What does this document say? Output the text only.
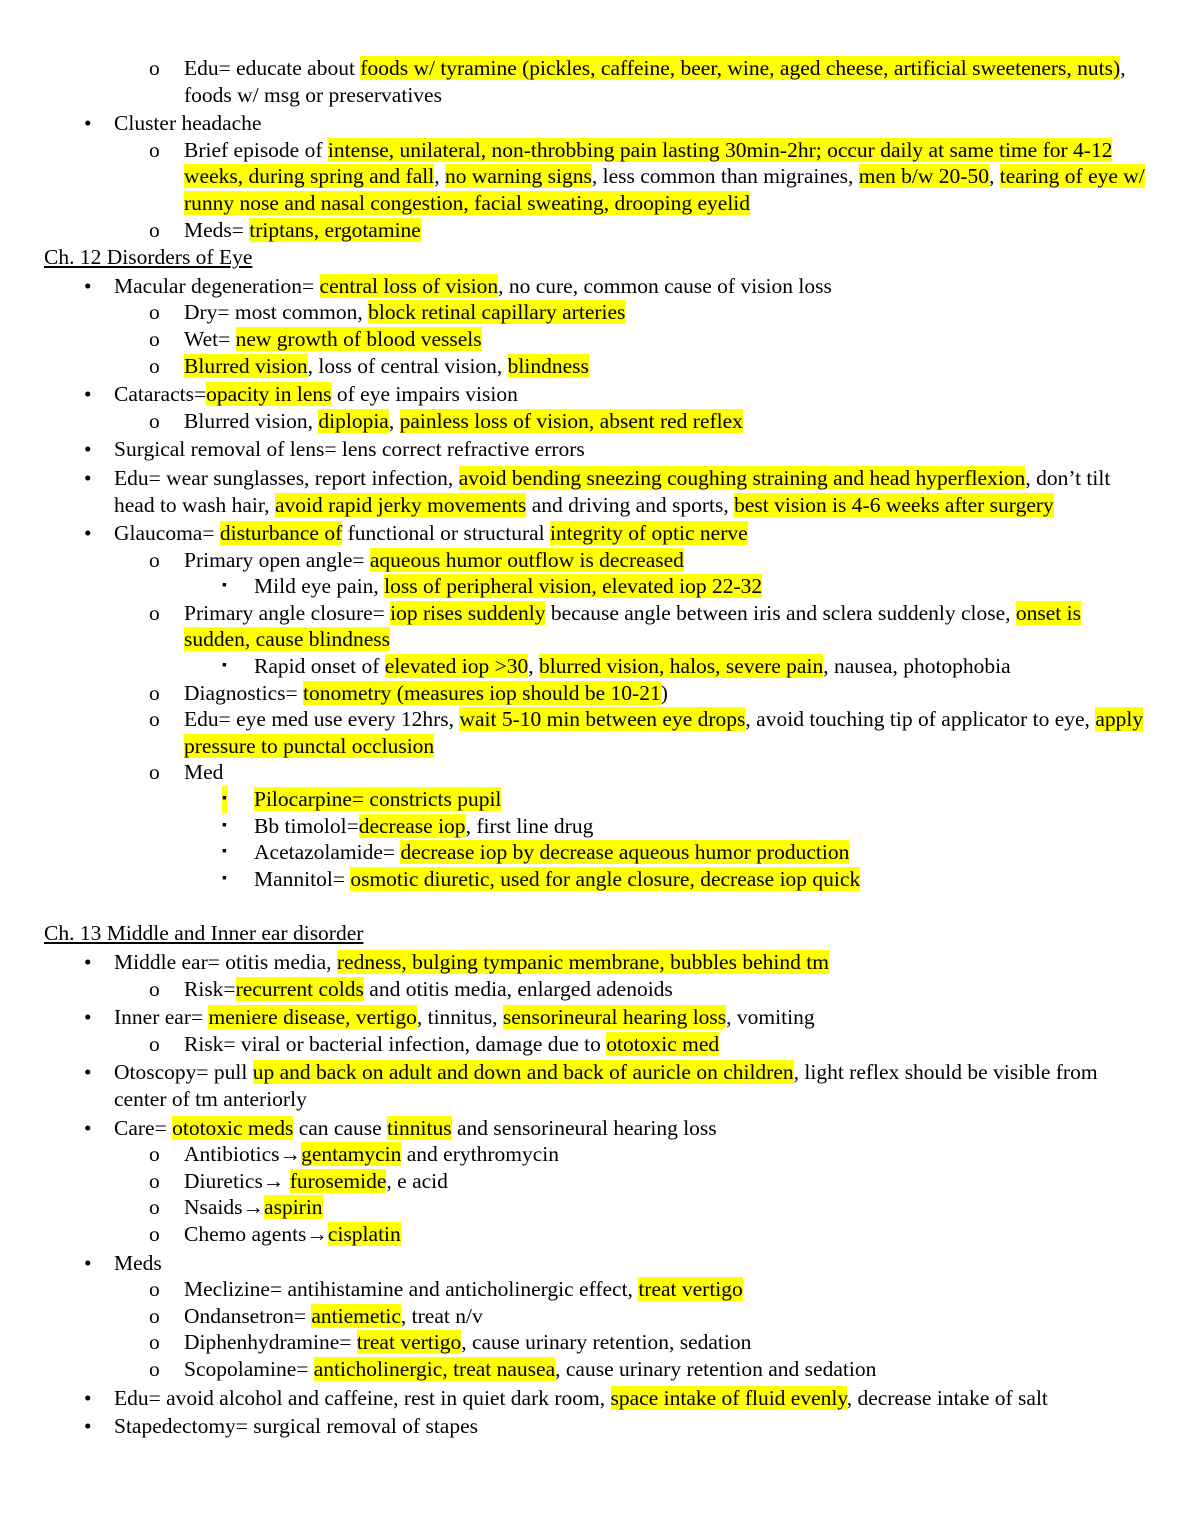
o Edu= educate about foods w/ tyramine (pickles, caffeine, beer, wine, aged cheese, artificial sweeteners, nuts), foods w/ msg or preservatives
• Cluster headache
o Brief episode of intense, unilateral, non-throbbing pain lasting 30min-2hr; occur daily at same time for 4-12 weeks, during spring and fall, no warning signs, less common than migraines, men b/w 20-50, tearing of eye w/ runny nose and nasal congestion, facial sweating, drooping eyelid
o Meds= triptans, ergotamine
Ch. 12 Disorders of Eye
• Macular degeneration= central loss of vision, no cure, common cause of vision loss
o Dry= most common, block retinal capillary arteries
o Wet= new growth of blood vessels
o Blurred vision, loss of central vision, blindness
• Cataracts=opacity in lens of eye impairs vision
o Blurred vision, diplopia, painless loss of vision, absent red reflex
• Surgical removal of lens= lens correct refractive errors
• Edu= wear sunglasses, report infection, avoid bending sneezing coughing straining and head hyperflexion, don’t tilt head to wash hair, avoid rapid jerky movements and driving and sports, best vision is 4-6 weeks after surgery
• Glaucoma= disturbance of functional or structural integrity of optic nerve
o Primary open angle= aqueous humor outflow is decreased
▪ Mild eye pain, loss of peripheral vision, elevated iop 22-32
o Primary angle closure= iop rises suddenly because angle between iris and sclera suddenly close, onset is sudden, cause blindness
▪ Rapid onset of elevated iop >30, blurred vision, halos, severe pain, nausea, photophobia
o Diagnostics= tonometry (measures iop should be 10-21)
o Edu= eye med use every 12hrs, wait 5-10 min between eye drops, avoid touching tip of applicator to eye, apply pressure to punctal occlusion
o Med
▪ Pilocarpine= constricts pupil
▪ Bb timolol=decrease iop, first line drug
▪ Acetazolamide= decrease iop by decrease aqueous humor production
▪ Mannitol= osmotic diuretic, used for angle closure, decrease iop quick
Ch. 13 Middle and Inner ear disorder
• Middle ear= otitis media, redness, bulging tympanic membrane, bubbles behind tm
o Risk=recurrent colds and otitis media, enlarged adenoids
• Inner ear= meniere disease, vertigo, tinnitus, sensorineural hearing loss, vomiting
o Risk= viral or bacterial infection, damage due to ototoxic med
• Otoscopy= pull up and back on adult and down and back of auricle on children, light reflex should be visible from center of tm anteriorly
• Care= ototoxic meds can cause tinnitus and sensorineural hearing loss
o Antibiotics→gentamycin and erythromycin
o Diuretics→ furosemide, e acid
o Nsaids→aspirin
o Chemo agents→cisplatin
• Meds
o Meclizine= antihistamine and anticholinergic effect, treat vertigo
o Ondansetron= antiemetic, treat n/v
o Diphenhydramine= treat vertigo, cause urinary retention, sedation
o Scopolamine= anticholinergic, treat nausea, cause urinary retention and sedation
• Edu= avoid alcohol and caffeine, rest in quiet dark room, space intake of fluid evenly, decrease intake of salt
• Stapedectomy= surgical removal of stapes
